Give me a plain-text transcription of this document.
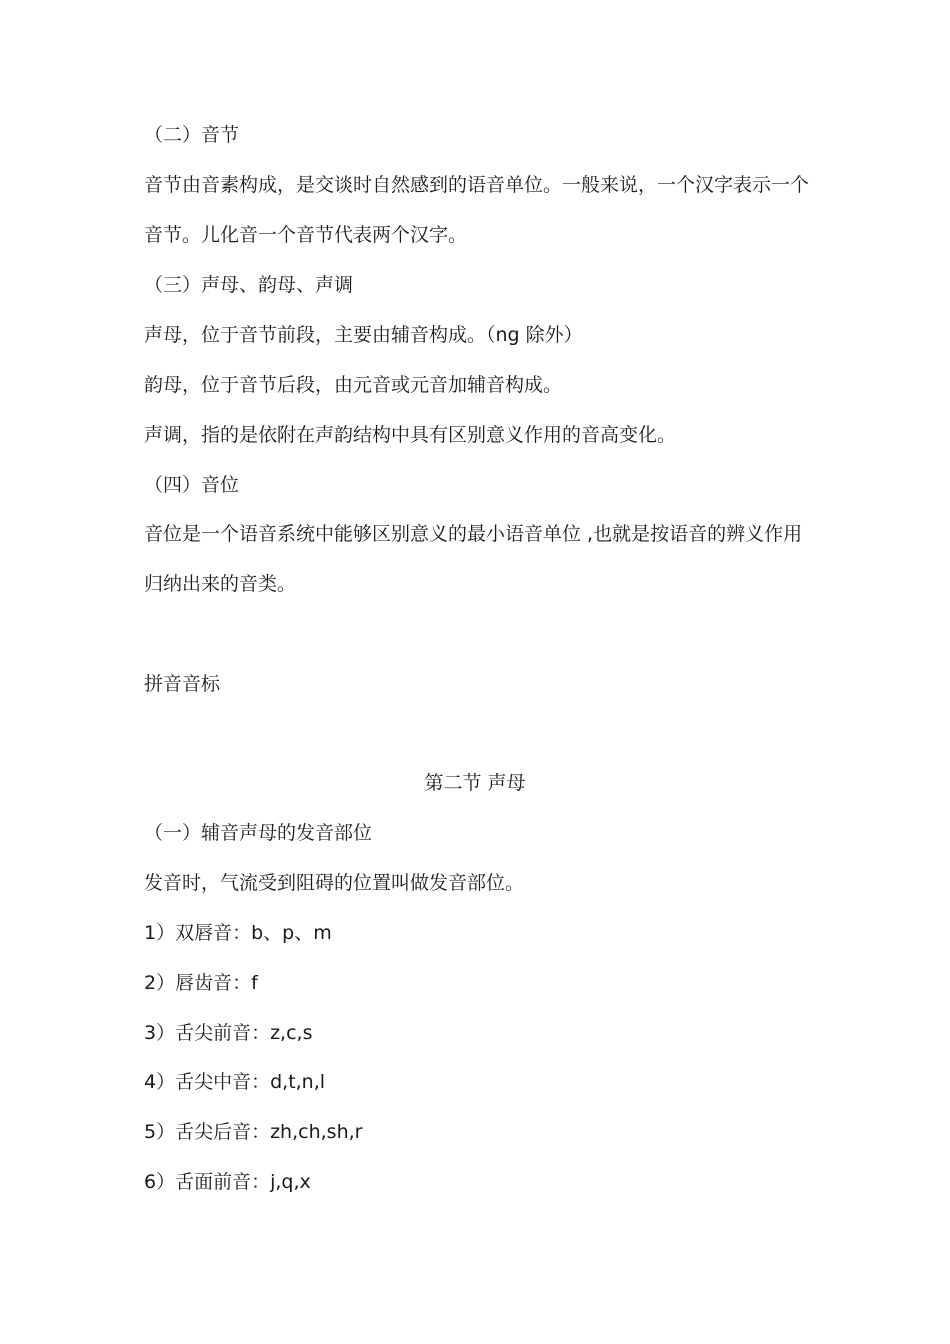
（二）音节
音节由音素构成，是交谈时自然感到的语音单位。一般来说，一个汉字表示一个
音节。儿化音一个音节代表两个汉字。
（三）声母、韵母、声调
声母，位于音节前段，主要由辅音构成。（ng 除外）
韵母，位于音节后段，由元音或元音加辅音构成。
声调，指的是依附在声韵结构中具有区别意义作用的音高变化。
（四）音位
音位是一个语音系统中能够区别意义的最小语音单位 ,也就是按语音的辨义作用
归纳出来的音类。
拼音音标
第二节 声母
（一）辅音声母的发音部位
发音时，气流受到阻碍的位置叫做发音部位。
1）双唇音：b、p、m
2）唇齿音：f
3）舌尖前音：z,c,s
4）舌尖中音：d,t,n,l
5）舌尖后音：zh,ch,sh,r
6）舌面前音：j,q,x
